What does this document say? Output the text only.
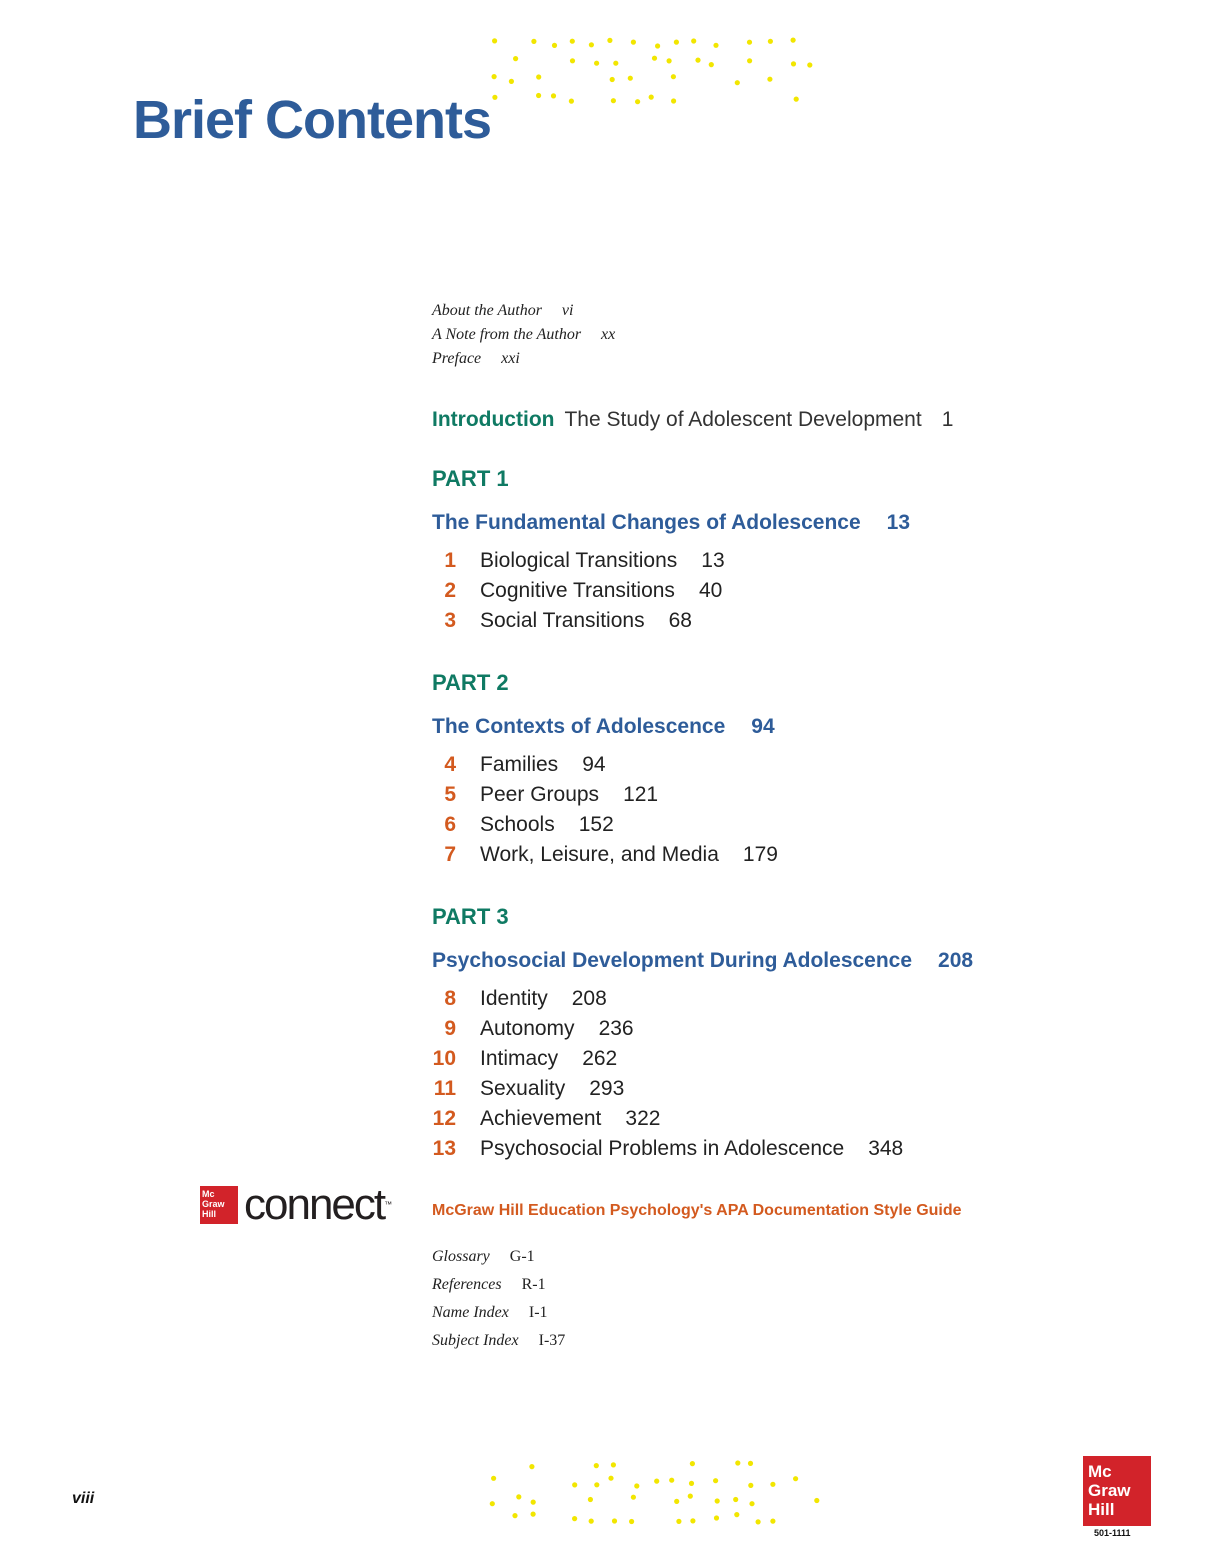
Brief Contents
About the Author vi
A Note from the Author xx
Preface xxi
Introduction The Study of Adolescent Development 1
PART 1
The Fundamental Changes of Adolescence 13
1 Biological Transitions 13
2 Cognitive Transitions 40
3 Social Transitions 68
PART 2
The Contexts of Adolescence 94
4 Families 94
5 Peer Groups 121
6 Schools 152
7 Work, Leisure, and Media 179
PART 3
Psychosocial Development During Adolescence 208
8 Identity 208
9 Autonomy 236
10 Intimacy 262
11 Sexuality 293
12 Achievement 322
13 Psychosocial Problems in Adolescence 348
Mc
Graw
Hill connect™ McGraw Hill Education Psychology's APA Documentation Style Guide
Glossary G-1
References R-1
Name Index I-1
Subject Index I-37
viii
Mc
Graw
Hill
501-1111
